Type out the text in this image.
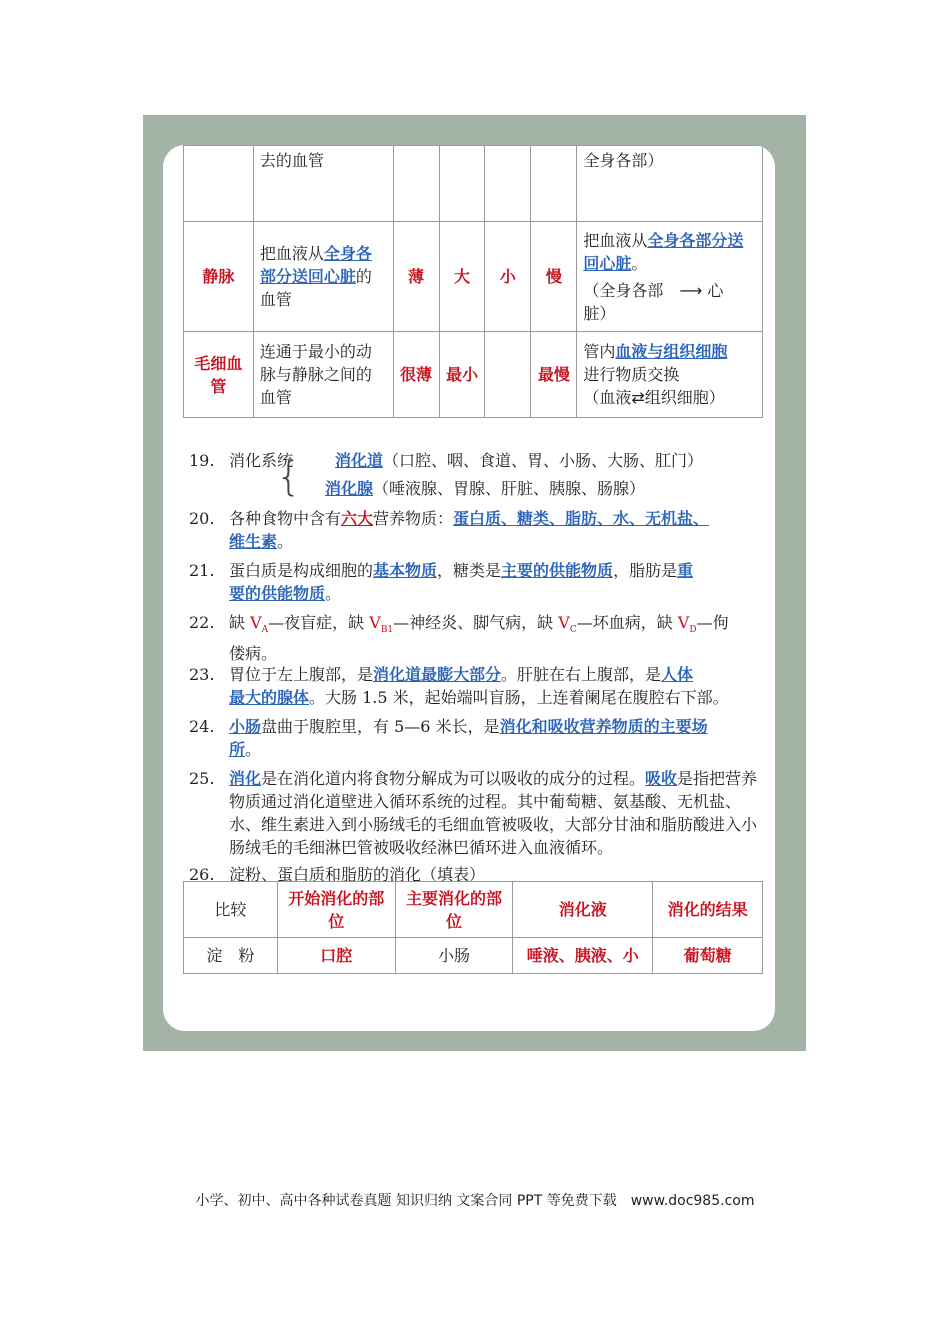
	去的血管					全身各部）
静脉	把血液从全身各部分送回心脏的血管	薄	大	小	慢	把血液从全身各部分送回心脏。
（全身各部　 ⟶ 心
脏）

毛细血管	连通于最小的动脉与静脉之间的血管	很薄	最小		最慢	管内血液与组织细胞
进行物质交换
（血液⇄组织细胞）
19. 消化系统
{ 消化道（口腔、咽、食道、胃、小肠、大肠、肛门）
消化腺（唾液腺、胃腺、肝脏、胰腺、肠腺）
20. 各种食物中含有六大营养物质：蛋白质、糖类、脂肪、水、无机盐、
维生素。
21. 蛋白质是构成细胞的基本物质，糖类是主要的供能物质，脂肪是重
要的供能物质。
22. 缺 $V_A—$夜盲症，缺 $V_{B1}—$神经炎、脚气病，缺 $V_C—$坏血病，缺 $V_D—$佝
偻病。
23. 胃位于左上腹部，是消化道最膨大部分。肝脏在右上腹部，是人体
最大的腺体。大肠 1.5 米，起始端叫盲肠，上连着阑尾在腹腔右下部。
24. 小肠盘曲于腹腔里，有 5—6 米长，是消化和吸收营养物质的主要场
所。
25. 消化是在消化道内将食物分解成为可以吸收的成分的过程。吸收是指把营养物质通过消化道壁进入循环系统的过程。其中葡萄糖、氨基酸、无机盐、水、维生素进入到小肠绒毛的毛细血管被吸收，大部分甘油和脂肪酸进入小肠绒毛的毛细淋巴管被吸收经淋巴循环进入血液循环。
26. 淀粉、蛋白质和脂肪的消化（填表）
比较	开始消化的部位	主要消化的部位	消化液	消化的结果
淀　粉	口腔	小肠	唾液、胰液、小	葡萄糖
小学、初中、高中各种试卷真题 知识归纳 文案合同 PPT 等免费下载　www.doc985.com
